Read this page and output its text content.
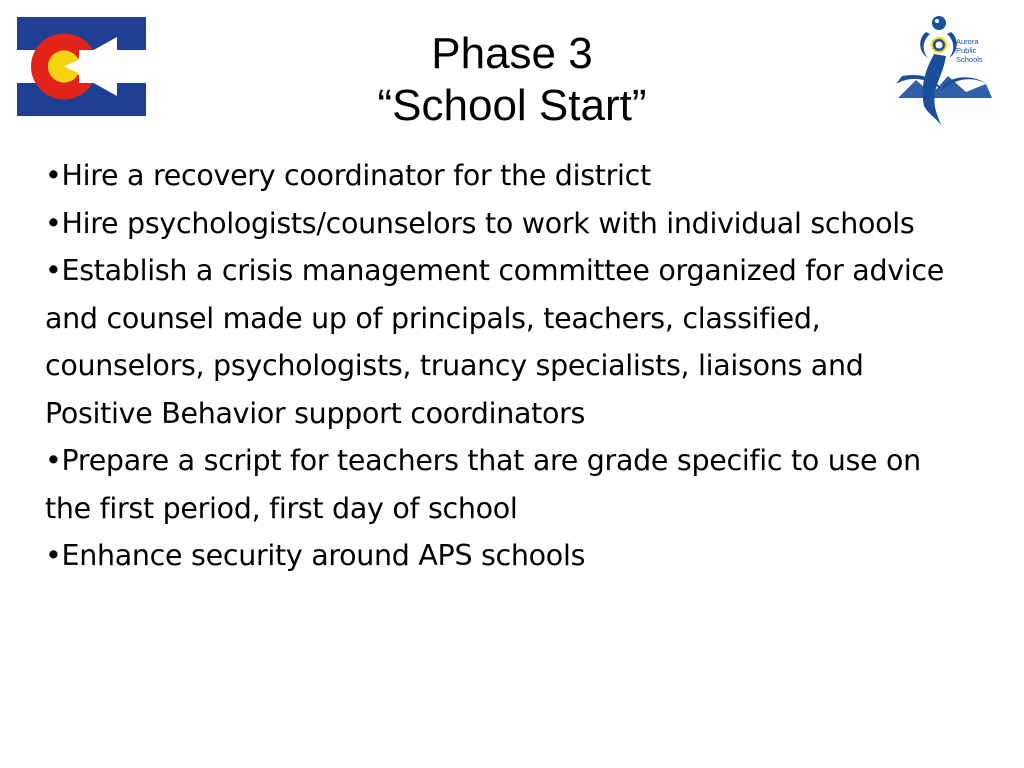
Aurora
Public
Schools
Phase 3
“School Start”
•Hire a recovery coordinator for the district
•Hire psychologists/counselors to work with individual schools
•Establish a crisis management committee organized for advice and counsel made up of principals, teachers, classified, counselors, psychologists, truancy specialists, liaisons and Positive Behavior support coordinators
•Prepare a script for teachers that are grade specific to use on the first period, first day of school
•Enhance security around APS schools
